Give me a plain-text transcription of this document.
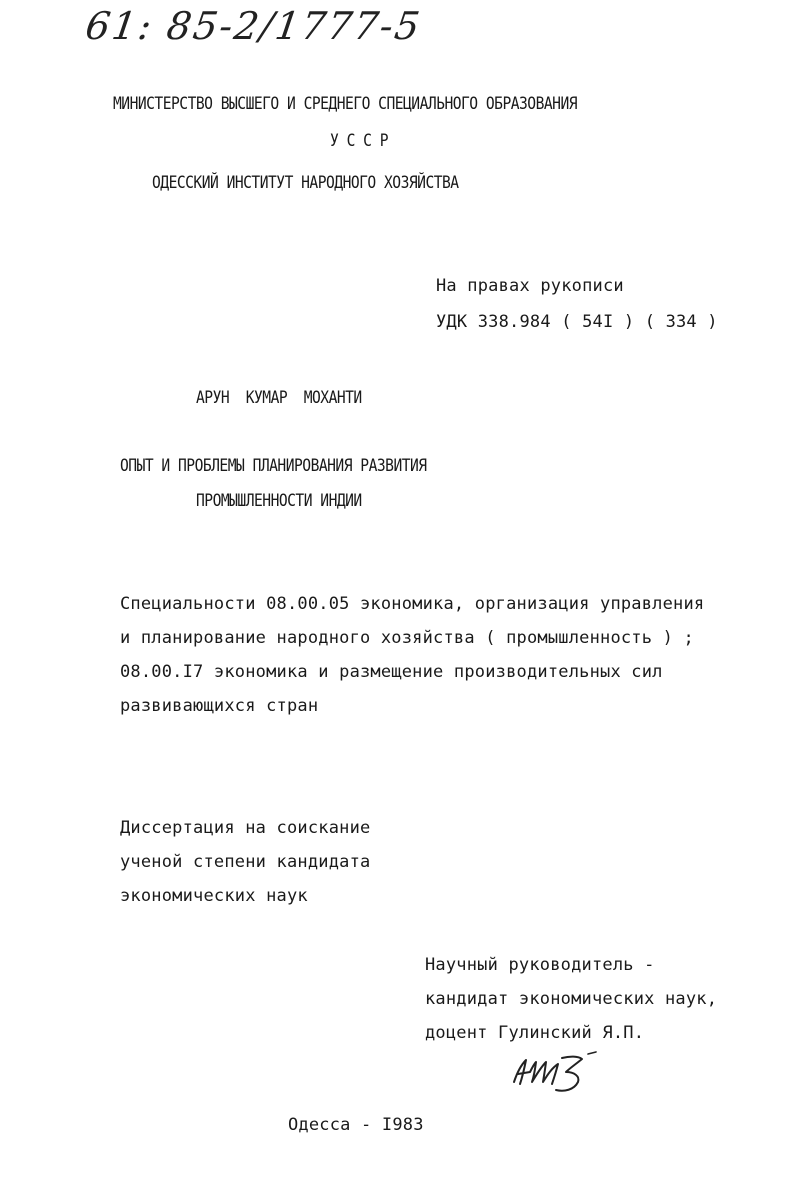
61: 85-2/1777-5
МИНИСТЕРСТВО ВЫСШЕГО И СРЕДНЕГО СПЕЦИАЛЬНОГО ОБРАЗОВАНИЯ
У С С Р
ОДЕССКИЙ ИНСТИТУТ НАРОДНОГО ХОЗЯЙСТВА
На правах рукописи
УДК 338.984 ( 54I ) ( 334 )
АРУН  КУМАР  МОХАНТИ
ОПЫТ И ПРОБЛЕМЫ ПЛАНИРОВАНИЯ РАЗВИТИЯ
ПРОМЫШЛЕННОСТИ ИНДИИ
Специальности 08.00.05 экономика, организация управления
и планирование народного хозяйства ( промышленность ) ;
08.00.I7 экономика и размещение производительных сил
развивающихся стран
Диссертация на соискание
ученой степени кандидата
экономических наук
Научный руководитель -
кандидат экономических наук,
доцент Гулинский Я.П.
Одесса - I983
